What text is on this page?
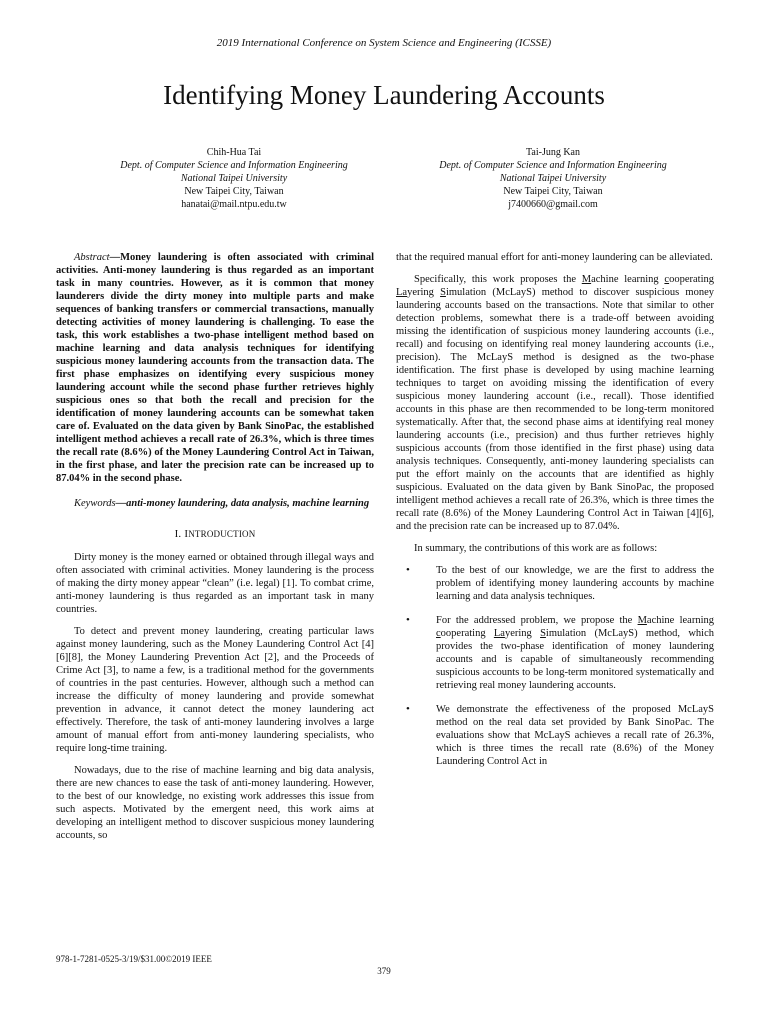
2019 International Conference on System Science and Engineering (ICSSE)
Identifying Money Laundering Accounts
Chih-Hua Tai
Dept. of Computer Science and Information Engineering
National Taipei University
New Taipei City, Taiwan
hanatai@mail.ntpu.edu.tw
Tai-Jung Kan
Dept. of Computer Science and Information Engineering
National Taipei University
New Taipei City, Taiwan
j7400660@gmail.com

Abstract—Money laundering is often associated with criminal activities. Anti-money laundering is thus regarded as an important task in many countries. However, as it is common that money launderers divide the dirty money into multiple parts and make sequences of banking transfers or commercial transactions, manually detecting activities of money laundering is challenging. To ease the task, this work establishes a two-phase intelligent method based on machine learning and data analysis techniques for identifying suspicious money laundering accounts from the transaction data. The first phase emphasizes on identifying every suspicious money laundering account while the second phase further retrieves highly suspicious ones so that both the recall and precision for the identification of money laundering accounts can be somewhat taken care of. Evaluated on the data given by Bank SinoPac, the established intelligent method achieves a recall rate of 26.3%, which is three times the recall rate (8.6%) of the Money Laundering Control Act in Taiwan, in the first phase, and later the precision rate can be increased up to 87.04% in the second phase.

Keywords—anti-money laundering, data analysis, machine learning

I. INTRODUCTION

Dirty money is the money earned or obtained through illegal ways and often associated with criminal activities. Money laundering is the process of making the dirty money appear “clean” (i.e. legal) [1]. To combat crime, anti-money laundering is thus regarded as an important task in many countries.

To detect and prevent money laundering, creating particular laws against money laundering, such as the Money Laundering Control Act [4][6][8], the Money Laundering Prevention Act [2], and the Proceeds of Crime Act [3], to name a few, is a traditional method for the governments of countries in the past centuries. However, although such a method can increase the difficulty of money laundering and provide somewhat prevention in advance, it cannot detect the money laundering act effectively. Therefore, the task of anti-money laundering involves a large amount of manual effort from anti-money laundering specialists, who require long-time training.

Nowadays, due to the rise of machine learning and big data analysis, there are new chances to ease the task of anti-money laundering. However, to the best of our knowledge, no existing work addresses this issue from such aspects. Motivated by the emergent need, this work aims at developing an intelligent method to discover suspicious money laundering accounts, so

that the required manual effort for anti-money laundering can be alleviated.

Specifically, this work proposes the Machine learning cooperating Layering Simulation (McLayS) method to discover suspicious money laundering accounts based on the transactions. Note that similar to other detection problems, somewhat there is a trade-off between avoiding missing the identification of suspicious money laundering accounts (i.e., recall) and focusing on identifying real money laundering accounts (i.e., precision). The McLayS method is designed as the two-phase identification. The first phase is developed by using machine learning techniques to target on avoiding missing the identification of every suspicious money laundering account (i.e., recall). Those identified accounts in this phase are then recommended to be long-term monitored systematically. After that, the second phase aims at identifying real money laundering accounts (i.e., precision) and thus further retrieves highly suspicious accounts (from those identified in the first phase) using data analysis techniques. Consequently, anti-money laundering specialists can put the effort mainly on the accounts that are identified as highly suspicious. Evaluated on the data given by Bank SinoPac, the proposed intelligent method achieves a recall rate of 26.3%, which is three times the recall rate (8.6%) of the Money Laundering Control Act in Taiwan [4][6], and the precision rate can be increased up to 87.04%.

In summary, the contributions of this work are as follows:

• To the best of our knowledge, we are the first to address the problem of identifying money laundering accounts by machine learning and data analysis techniques.
• For the addressed problem, we propose the Machine learning cooperating Layering Simulation (McLayS) method, which provides the two-phase identification of money laundering accounts and is capable of simultaneously recommending suspicious accounts to be long-term monitored systematically and retrieving real money laundering accounts.
• We demonstrate the effectiveness of the proposed McLayS method on the real data set provided by Bank SinoPac. The evaluations show that McLayS achieves a recall rate of 26.3%, which is three times the recall rate (8.6%) of the Money Laundering Control Act in
978-1-7281-0525-3/19/$31.00©2019 IEEE
379
